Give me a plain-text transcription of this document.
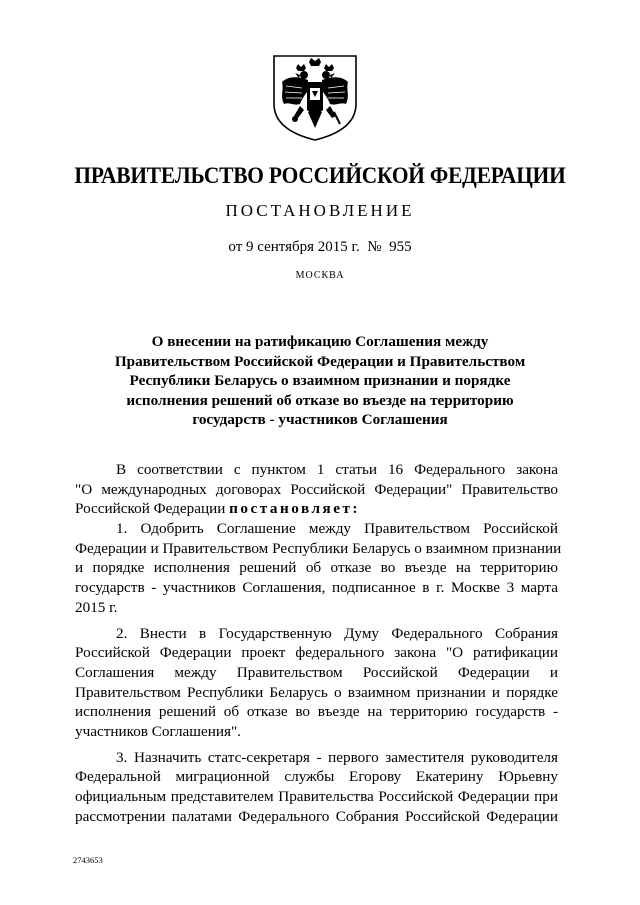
ПРАВИТЕЛЬСТВО РОССИЙСКОЙ ФЕДЕРАЦИИ
ПОСТАНОВЛЕНИЕ
от 9 сентября 2015 г.  №  955
МОСКВА
О внесении на ратификацию Соглашения между
Правительством Российской Федерации и Правительством
Республики Беларусь о взаимном признании и порядке
исполнения решений об отказе во въезде на территорию
государств - участников Соглашения
В соответствии с пунктом 1 статьи 16 Федерального закона
"О международных договорах Российской Федерации" Правительство
Российской Федерации постановляет:
1. Одобрить Соглашение между Правительством Российской
Федерации и Правительством Республики Беларусь о взаимном признании
и порядке исполнения решений об отказе во въезде на территорию
государств - участников Соглашения, подписанное в г. Москве 3 марта
2015 г.
2. Внести в Государственную Думу Федерального Собрания
Российской Федерации проект федерального закона "О ратификации
Соглашения между Правительством Российской Федерации и
Правительством Республики Беларусь о взаимном признании и порядке
исполнения решений об отказе во въезде на территорию государств -
участников Соглашения".
3. Назначить статс-секретаря - первого заместителя руководителя
Федеральной миграционной службы Егорову Екатерину Юрьевну
официальным представителем Правительства Российской Федерации при
рассмотрении палатами Федерального Собрания Российской Федерации
2743653
